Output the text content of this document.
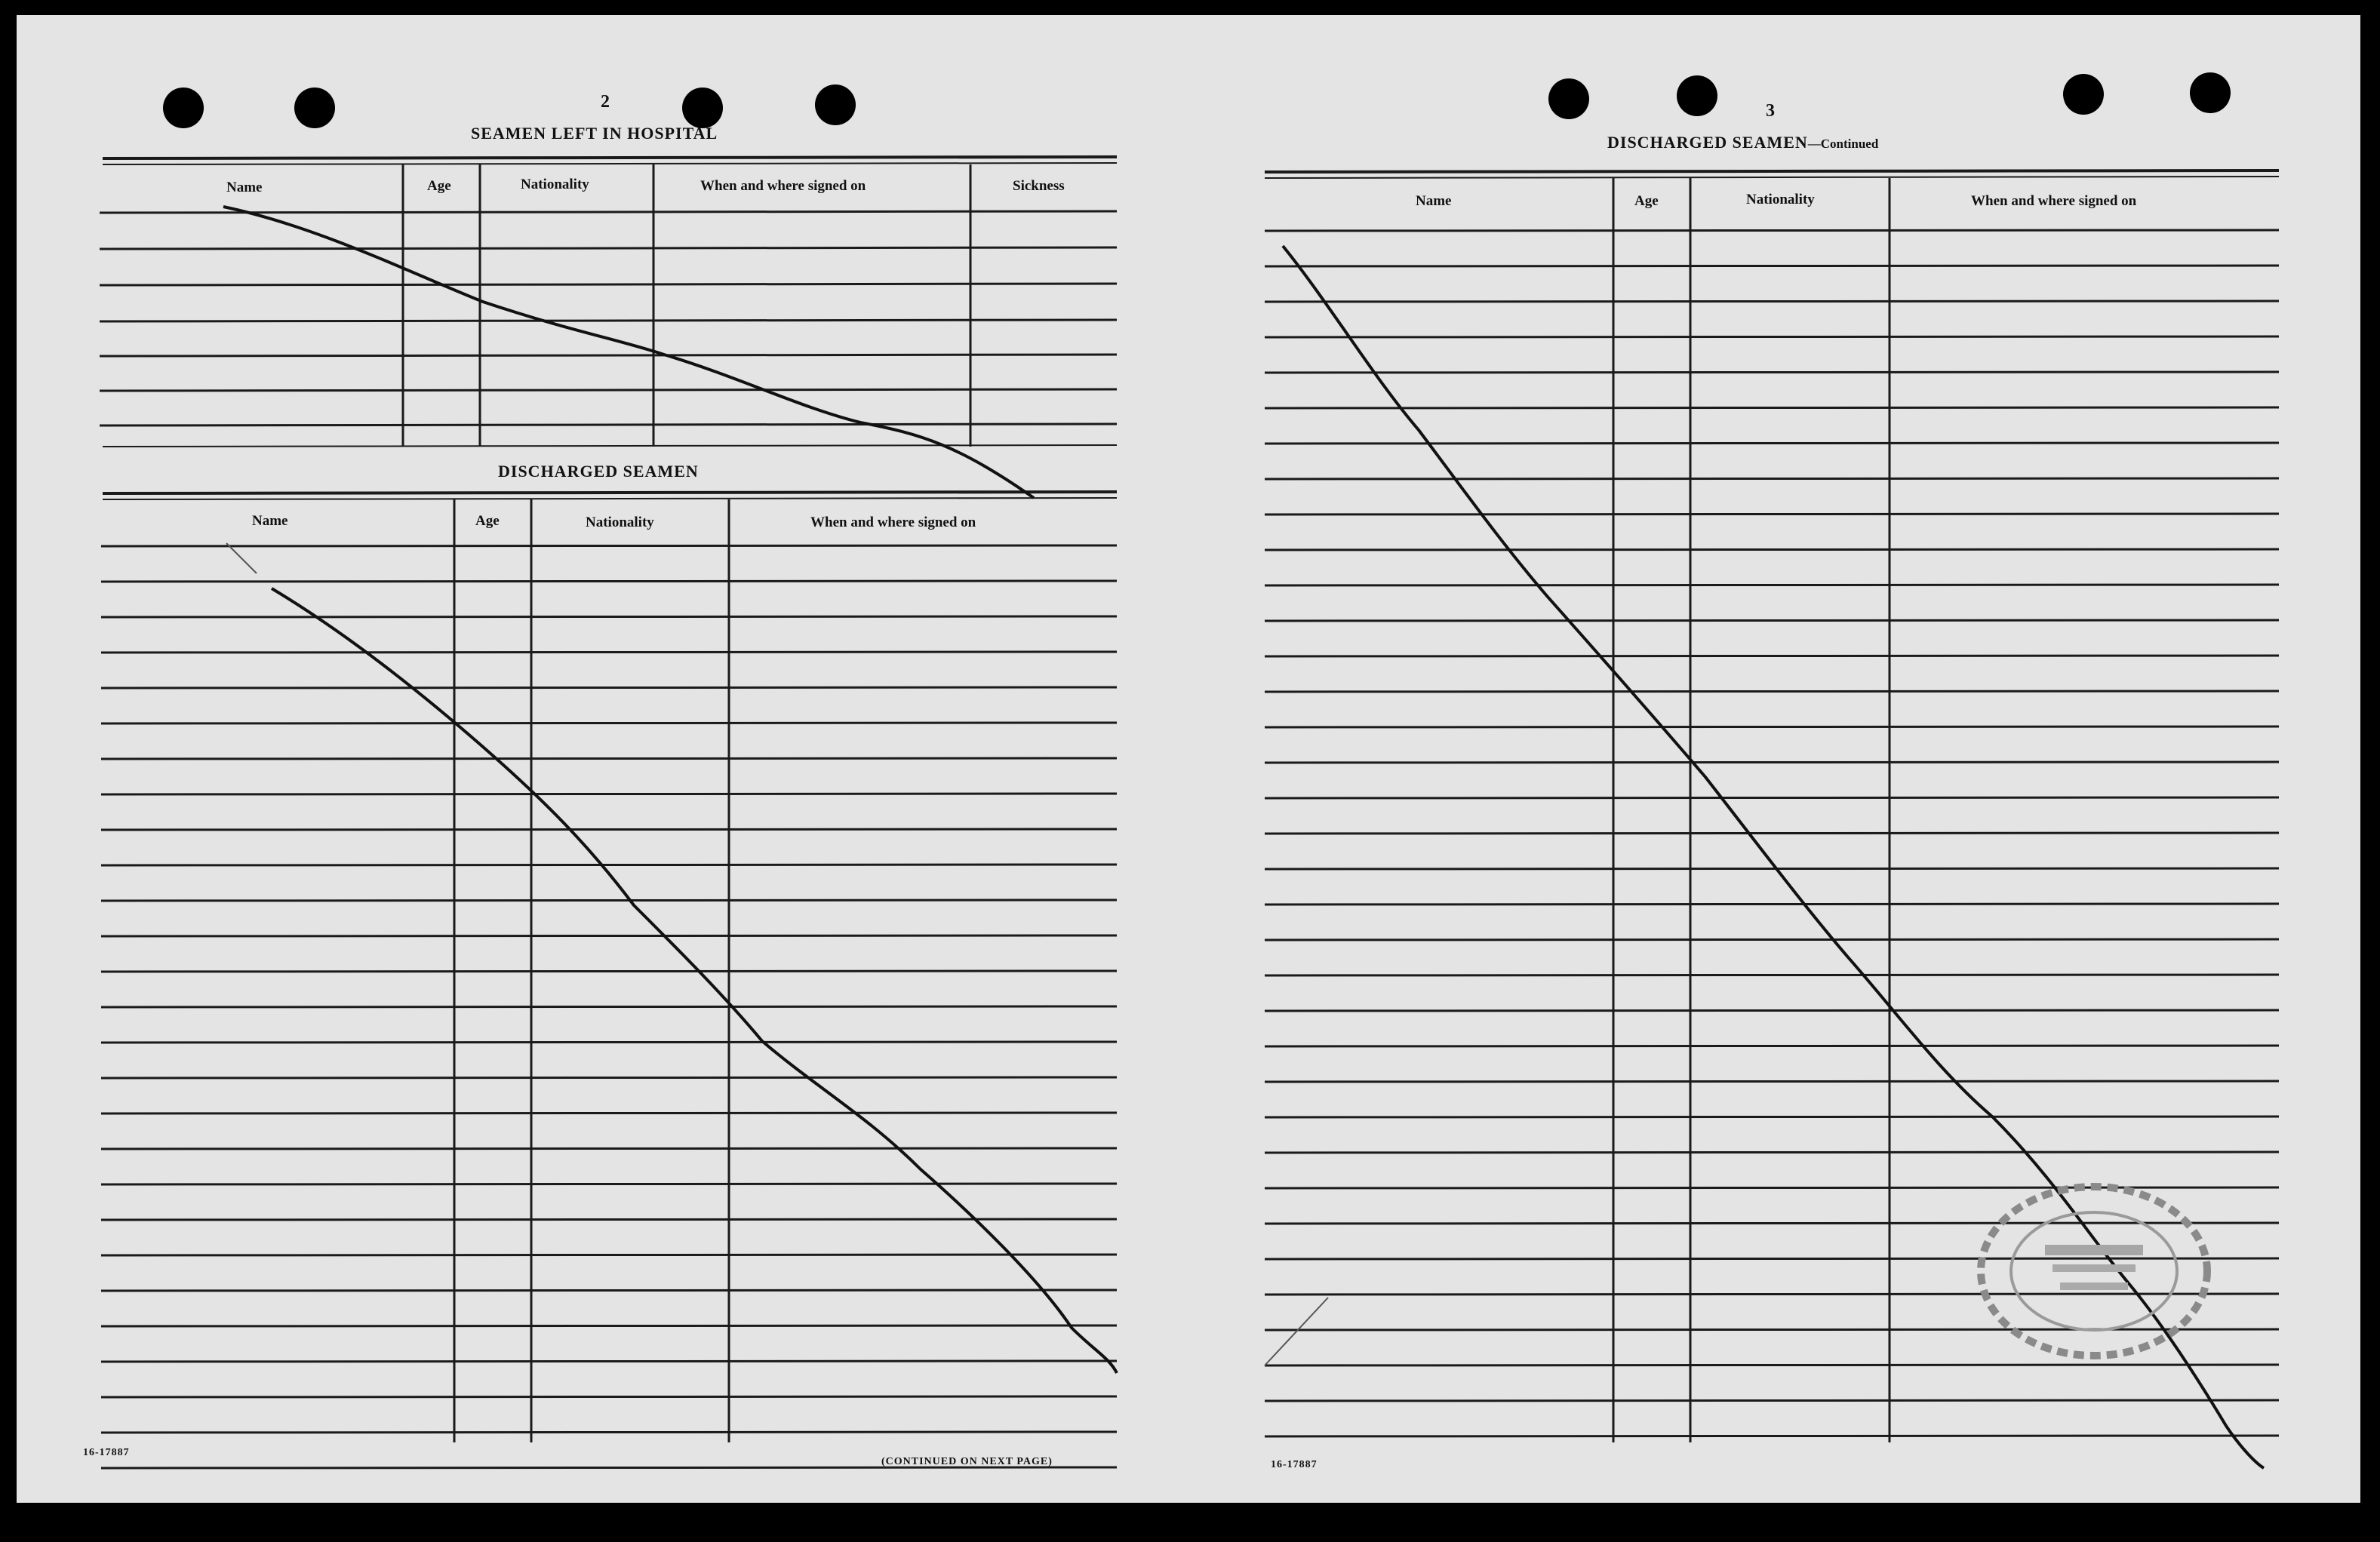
2
SEAMEN LEFT IN HOSPITAL
Name	Age	Nationality	When and where signed on	Sickness
DISCHARGED SEAMEN
Name	Age	Nationality	When and where signed on
16-17887
(CONTINUED ON NEXT PAGE)
3
DISCHARGED SEAMEN—Continued
Name	Age	Nationality	When and where signed on
16-17887
